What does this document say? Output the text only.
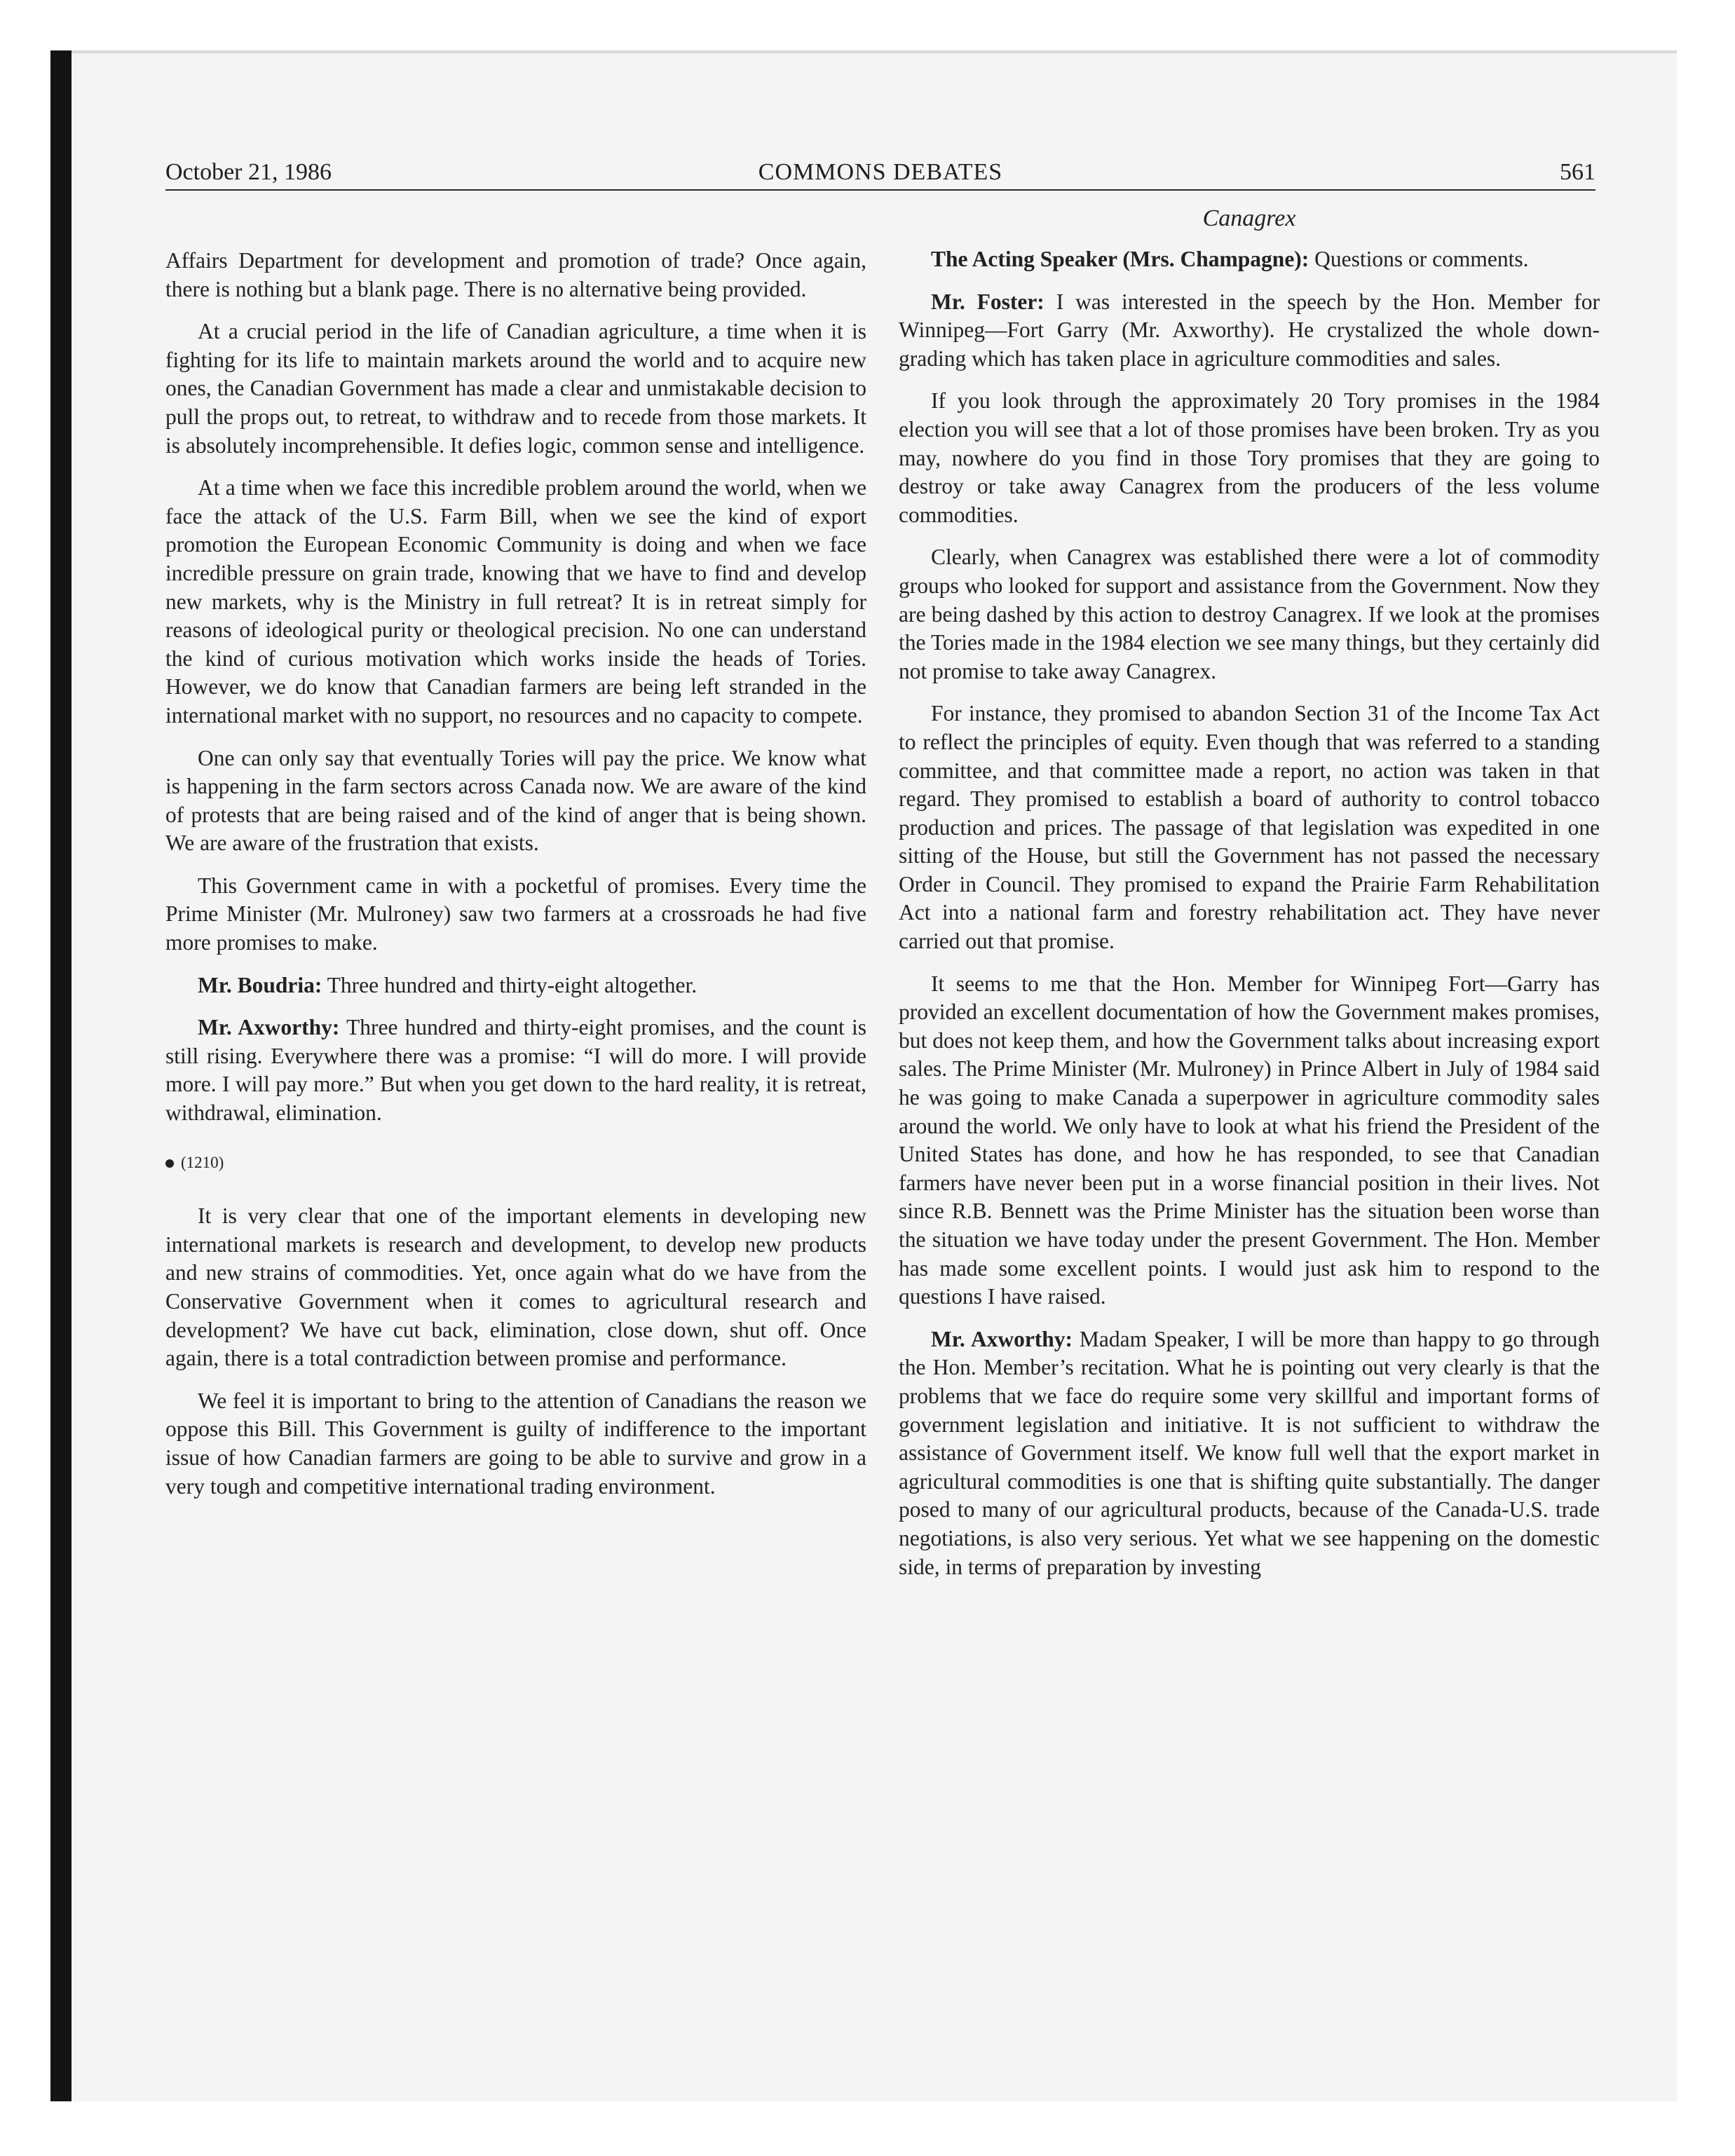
October 21, 1986	COMMONS DEBATES	561

Affairs Department for development and promotion of trade? Once again, there is nothing but a blank page. There is no alternative being provided.

At a crucial period in the life of Canadian agriculture, a time when it is fighting for its life to maintain markets around the world and to acquire new ones, the Canadian Government has made a clear and unmistakable decision to pull the props out, to retreat, to withdraw and to recede from those markets. It is absolutely incomprehensible. It defies logic, common sense and intelligence.

At a time when we face this incredible problem around the world, when we face the attack of the U.S. Farm Bill, when we see the kind of export promotion the European Economic Community is doing and when we face incredible pressure on grain trade, knowing that we have to find and develop new markets, why is the Ministry in full retreat? It is in retreat simply for reasons of ideological purity or theological precision. No one can understand the kind of curious motivation which works inside the heads of Tories. However, we do know that Canadian farmers are being left stranded in the international market with no support, no resources and no capacity to compete.

One can only say that eventually Tories will pay the price. We know what is happening in the farm sectors across Canada now. We are aware of the kind of protests that are being raised and of the kind of anger that is being shown. We are aware of the frustration that exists.

This Government came in with a pocketful of promises. Every time the Prime Minister (Mr. Mulroney) saw two farmers at a crossroads he had five more promises to make.

Mr. Boudria: Three hundred and thirty-eight altogether.

Mr. Axworthy: Three hundred and thirty-eight promises, and the count is still rising. Everywhere there was a promise: “I will do more. I will provide more. I will pay more.” But when you get down to the hard reality, it is retreat, withdrawal, elimination.

(1210)

It is very clear that one of the important elements in developing new international markets is research and development, to develop new products and new strains of commodities. Yet, once again what do we have from the Conservative Government when it comes to agricultural research and development? We have cut back, elimination, close down, shut off. Once again, there is a total contradiction between promise and performance.

We feel it is important to bring to the attention of Canadians the reason we oppose this Bill. This Government is guilty of indifference to the important issue of how Canadian farmers are going to be able to survive and grow in a very tough and competitive international trading environment.

Canagrex

The Acting Speaker (Mrs. Champagne): Questions or comments.

Mr. Foster: I was interested in the speech by the Hon. Member for Winnipeg—Fort Garry (Mr. Axworthy). He crystalized the whole down-grading which has taken place in agriculture commodities and sales.

If you look through the approximately 20 Tory promises in the 1984 election you will see that a lot of those promises have been broken. Try as you may, nowhere do you find in those Tory promises that they are going to destroy or take away Canagrex from the producers of the less volume commodities.

Clearly, when Canagrex was established there were a lot of commodity groups who looked for support and assistance from the Government. Now they are being dashed by this action to destroy Canagrex. If we look at the promises the Tories made in the 1984 election we see many things, but they certainly did not promise to take away Canagrex.

For instance, they promised to abandon Section 31 of the Income Tax Act to reflect the principles of equity. Even though that was referred to a standing committee, and that committee made a report, no action was taken in that regard. They promised to establish a board of authority to control tobacco production and prices. The passage of that legislation was expedited in one sitting of the House, but still the Government has not passed the necessary Order in Council. They promised to expand the Prairie Farm Rehabilitation Act into a national farm and forestry rehabilitation act. They have never carried out that promise.

It seems to me that the Hon. Member for Winnipeg Fort—Garry has provided an excellent documentation of how the Government makes promises, but does not keep them, and how the Government talks about increasing export sales. The Prime Minister (Mr. Mulroney) in Prince Albert in July of 1984 said he was going to make Canada a superpower in agriculture commodity sales around the world. We only have to look at what his friend the President of the United States has done, and how he has responded, to see that Canadian farmers have never been put in a worse financial position in their lives. Not since R.B. Bennett was the Prime Minister has the situation been worse than the situation we have today under the present Government. The Hon. Member has made some excellent points. I would just ask him to respond to the questions I have raised.

Mr. Axworthy: Madam Speaker, I will be more than happy to go through the Hon. Member’s recitation. What he is pointing out very clearly is that the problems that we face do require some very skillful and important forms of government legislation and initiative. It is not sufficient to withdraw the assistance of Government itself. We know full well that the export market in agricultural commodities is one that is shifting quite substantially. The danger posed to many of our agricultural products, because of the Canada-U.S. trade negotiations, is also very serious. Yet what we see happening on the domestic side, in terms of preparation by investing
